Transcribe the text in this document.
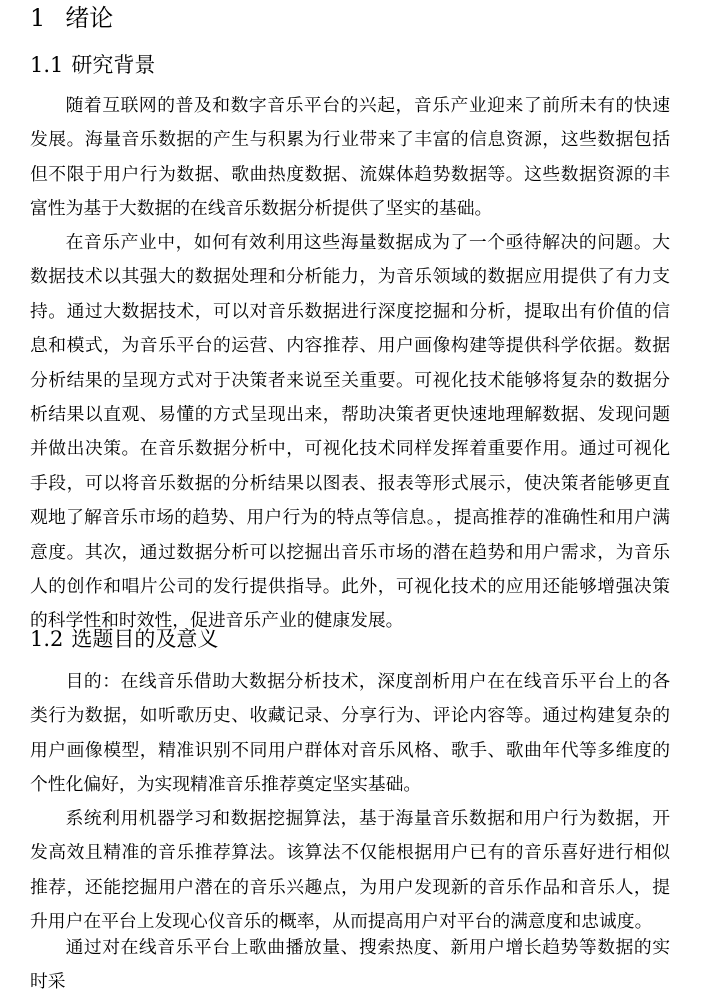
1 绪论
1.1 研究背景

随着互联网的普及和数字音乐平台的兴起，音乐产业迎来了前所未有的快速发展。海量音乐数据的产生与积累为行业带来了丰富的信息资源，这些数据包括但不限于用户行为数据、歌曲热度数据、流媒体趋势数据等。这些数据资源的丰富性为基于大数据的在线音乐数据分析提供了坚实的基础。

在音乐产业中，如何有效利用这些海量数据成为了一个亟待解决的问题。大数据技术以其强大的数据处理和分析能力，为音乐领域的数据应用提供了有力支持。通过大数据技术，可以对音乐数据进行深度挖掘和分析，提取出有价值的信息和模式，为音乐平台的运营、内容推荐、用户画像构建等提供科学依据。数据分析结果的呈现方式对于决策者来说至关重要。可视化技术能够将复杂的数据分析结果以直观、易懂的方式呈现出来，帮助决策者更快速地理解数据、发现问题并做出决策。在音乐数据分析中，可视化技术同样发挥着重要作用。通过可视化手段，可以将音乐数据的分析结果以图表、报表等形式展示，使决策者能够更直观地了解音乐市场的趋势、用户行为的特点等信息。，提高推荐的准确性和用户满意度。其次，通过数据分析可以挖掘出音乐市场的潜在趋势和用户需求，为音乐人的创作和唱片公司的发行提供指导。此外，可视化技术的应用还能够增强决策的科学性和时效性，促进音乐产业的健康发展。

1.2 选题目的及意义

目的：在线音乐借助大数据分析技术，深度剖析用户在在线音乐平台上的各类行为数据，如听歌历史、收藏记录、分享行为、评论内容等。通过构建复杂的用户画像模型，精准识别不同用户群体对音乐风格、歌手、歌曲年代等多维度的个性化偏好，为实现精准音乐推荐奠定坚实基础。

系统利用机器学习和数据挖掘算法，基于海量音乐数据和用户行为数据，开发高效且精准的音乐推荐算法。该算法不仅能根据用户已有的音乐喜好进行相似推荐，还能挖掘用户潜在的音乐兴趣点，为用户发现新的音乐作品和音乐人，提升用户在平台上发现心仪音乐的概率，从而提高用户对平台的满意度和忠诚度。

通过对在线音乐平台上歌曲播放量、搜索热度、新用户增长趋势等数据的实时采
